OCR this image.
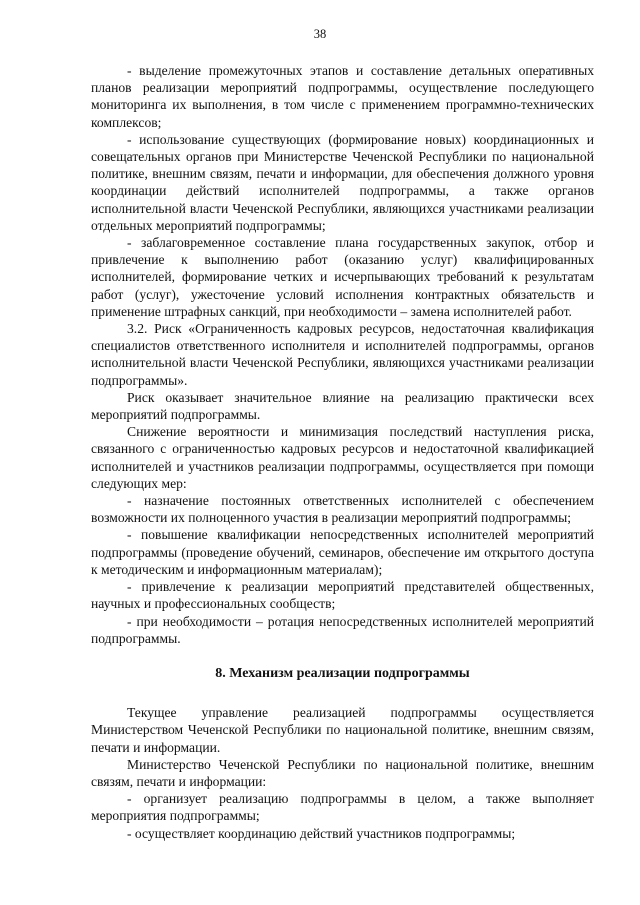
38

- выделение промежуточных этапов и составление детальных оперативных планов реализации мероприятий подпрограммы, осуществление последующего мониторинга их выполнения, в том числе с применением программно-технических комплексов;

- использование существующих (формирование новых) координационных и совещательных органов при Министерстве Чеченской Республики по национальной политике, внешним связям, печати и информации, для обеспечения должного уровня координации действий исполнителей подпрограммы, а также органов исполнительной власти Чеченской Республики, являющихся участниками реализации отдельных мероприятий подпрограммы;

- заблаговременное составление плана государственных закупок, отбор и привлечение к выполнению работ (оказанию услуг) квалифицированных исполнителей, формирование четких и исчерпывающих требований к результатам работ (услуг), ужесточение условий исполнения контрактных обязательств и применение штрафных санкций, при необходимости – замена исполнителей работ.

3.2. Риск «Ограниченность кадровых ресурсов, недостаточная квалификация специалистов ответственного исполнителя и исполнителей подпрограммы, органов исполнительной власти Чеченской Республики, являющихся участниками реализации подпрограммы».

Риск оказывает значительное влияние на реализацию практически всех мероприятий подпрограммы.

Снижение вероятности и минимизация последствий наступления риска, связанного с ограниченностью кадровых ресурсов и недостаточной квалификацией исполнителей и участников реализации подпрограммы, осуществляется при помощи следующих мер:

- назначение постоянных ответственных исполнителей с обеспечением возможности их полноценного участия в реализации мероприятий подпрограммы;

- повышение квалификации непосредственных исполнителей мероприятий подпрограммы (проведение обучений, семинаров, обеспечение им открытого доступа к методическим и информационным материалам);

- привлечение к реализации мероприятий представителей общественных, научных и профессиональных сообществ;

- при необходимости – ротация непосредственных исполнителей мероприятий подпрограммы.

8. Механизм реализации подпрограммы

Текущее управление реализацией подпрограммы осуществляется Министерством Чеченской Республики по национальной политике, внешним связям, печати и информации.

Министерство Чеченской Республики по национальной политике, внешним связям, печати и информации:

- организует реализацию подпрограммы в целом, а также выполняет мероприятия подпрограммы;

- осуществляет координацию действий участников подпрограммы;
